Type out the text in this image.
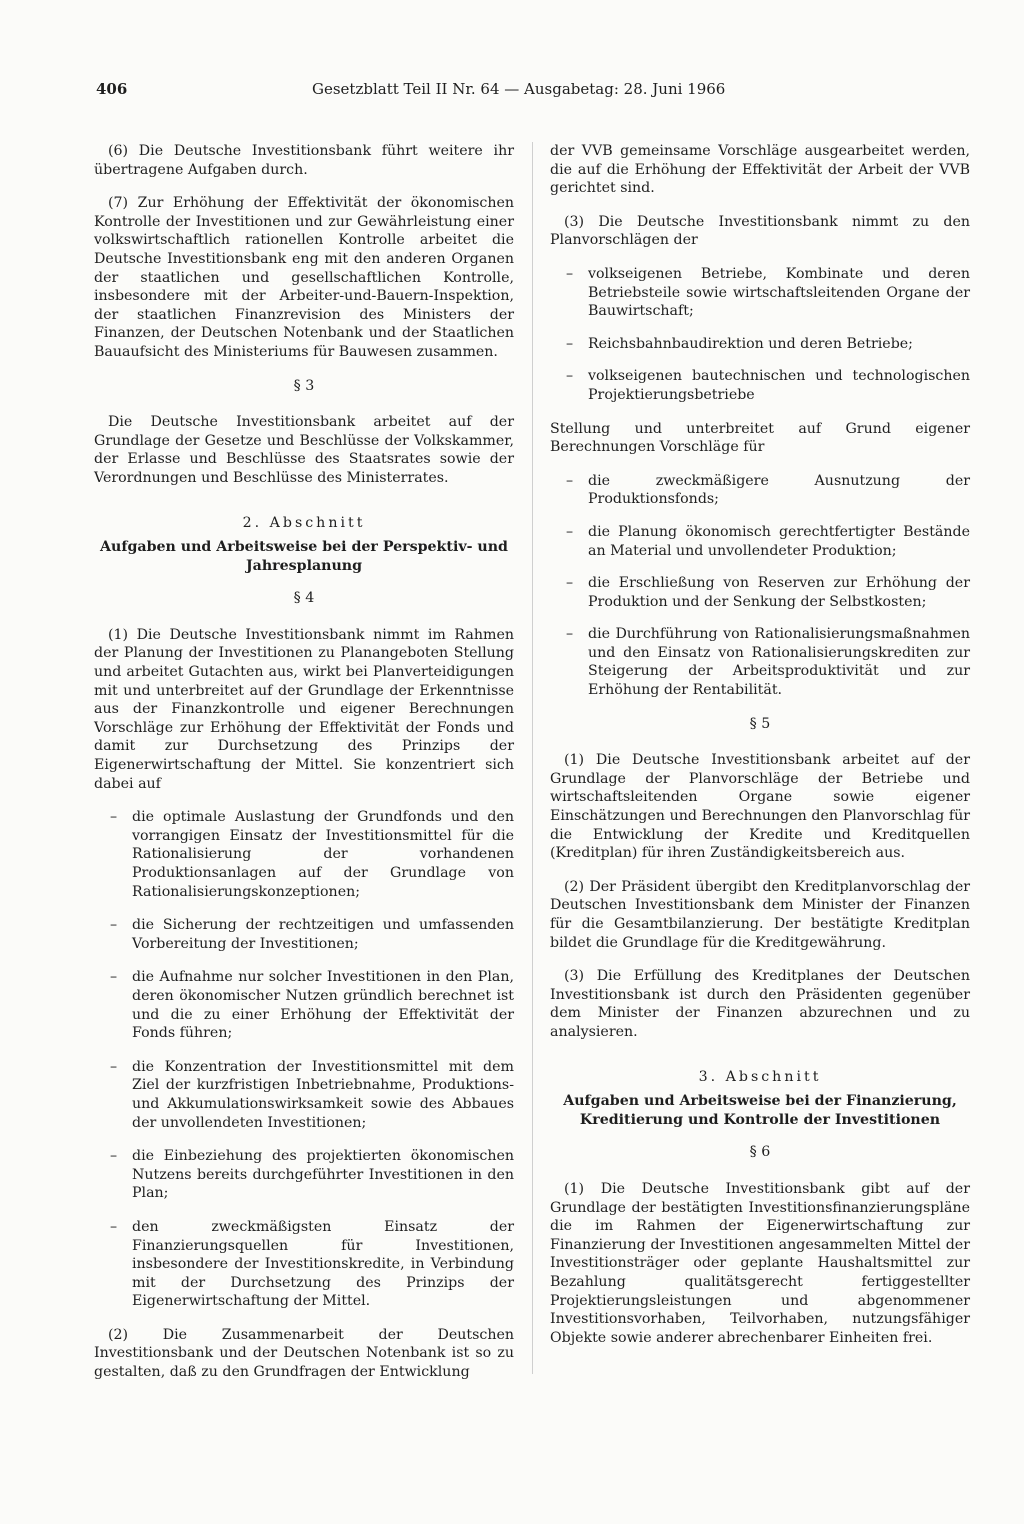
406	Gesetzblatt Teil II Nr. 64 — Ausgabetag: 28. Juni 1966

(6) Die Deutsche Investitionsbank führt weitere ihr übertragene Aufgaben durch.

(7) Zur Erhöhung der Effektivität der ökonomischen Kontrolle der Investitionen und zur Gewährleistung einer volkswirtschaftlich rationellen Kontrolle arbeitet die Deutsche Investitionsbank eng mit den anderen Organen der staatlichen und gesellschaftlichen Kontrolle, insbesondere mit der Arbeiter-und-Bauern-Inspektion, der staatlichen Finanzrevision des Ministers der Finanzen, der Deutschen Notenbank und der Staatlichen Bauaufsicht des Ministeriums für Bauwesen zusammen.

§ 3

Die Deutsche Investitionsbank arbeitet auf der Grundlage der Gesetze und Beschlüsse der Volkskammer, der Erlasse und Beschlüsse des Staatsrates sowie der Verordnungen und Beschlüsse des Ministerrates.

2. Abschnitt

Aufgaben und Arbeitsweise bei der Perspektiv- und Jahresplanung

§ 4

(1) Die Deutsche Investitionsbank nimmt im Rahmen der Planung der Investitionen zu Planangeboten Stellung und arbeitet Gutachten aus, wirkt bei Planverteidigungen mit und unterbreitet auf der Grundlage der Erkenntnisse aus der Finanzkontrolle und eigener Berechnungen Vorschläge zur Erhöhung der Effektivität der Fonds und damit zur Durchsetzung des Prinzips der Eigenerwirtschaftung der Mittel. Sie konzentriert sich dabei auf

– die optimale Auslastung der Grundfonds und den vorrangigen Einsatz der Investitionsmittel für die Rationalisierung der vorhandenen Produktionsanlagen auf der Grundlage von Rationalisierungskonzeptionen;
– die Sicherung der rechtzeitigen und umfassenden Vorbereitung der Investitionen;
– die Aufnahme nur solcher Investitionen in den Plan, deren ökonomischer Nutzen gründlich berechnet ist und die zu einer Erhöhung der Effektivität der Fonds führen;
– die Konzentration der Investitionsmittel mit dem Ziel der kurzfristigen Inbetriebnahme, Produktions- und Akkumulationswirksamkeit sowie des Abbaues der unvollendeten Investitionen;
– die Einbeziehung des projektierten ökonomischen Nutzens bereits durchgeführter Investitionen in den Plan;
– den zweckmäßigsten Einsatz der Finanzierungsquellen für Investitionen, insbesondere der Investitionskredite, in Verbindung mit der Durchsetzung des Prinzips der Eigenerwirtschaftung der Mittel.

(2) Die Zusammenarbeit der Deutschen Investitionsbank und der Deutschen Notenbank ist so zu gestalten, daß zu den Grundfragen der Entwicklung

der VVB gemeinsame Vorschläge ausgearbeitet werden, die auf die Erhöhung der Effektivität der Arbeit der VVB gerichtet sind.

(3) Die Deutsche Investitionsbank nimmt zu den Planvorschlägen der

– volkseigenen Betriebe, Kombinate und deren Betriebsteile sowie wirtschaftsleitenden Organe der Bauwirtschaft;
– Reichsbahnbaudirektion und deren Betriebe;
– volkseigenen bautechnischen und technologischen Projektierungsbetriebe

Stellung und unterbreitet auf Grund eigener Berechnungen Vorschläge für

– die zweckmäßigere Ausnutzung der Produktionsfonds;
– die Planung ökonomisch gerechtfertigter Bestände an Material und unvollendeter Produktion;
– die Erschließung von Reserven zur Erhöhung der Produktion und der Senkung der Selbstkosten;
– die Durchführung von Rationalisierungsmaßnahmen und den Einsatz von Rationalisierungskrediten zur Steigerung der Arbeitsproduktivität und zur Erhöhung der Rentabilität.

§ 5

(1) Die Deutsche Investitionsbank arbeitet auf der Grundlage der Planvorschläge der Betriebe und wirtschaftsleitenden Organe sowie eigener Einschätzungen und Berechnungen den Planvorschlag für die Entwicklung der Kredite und Kreditquellen (Kreditplan) für ihren Zuständigkeitsbereich aus.

(2) Der Präsident übergibt den Kreditplanvorschlag der Deutschen Investitionsbank dem Minister der Finanzen für die Gesamtbilanzierung. Der bestätigte Kreditplan bildet die Grundlage für die Kreditgewährung.

(3) Die Erfüllung des Kreditplanes der Deutschen Investitionsbank ist durch den Präsidenten gegenüber dem Minister der Finanzen abzurechnen und zu analysieren.

3. Abschnitt

Aufgaben und Arbeitsweise bei der Finanzierung, Kreditierung und Kontrolle der Investitionen

§ 6

(1) Die Deutsche Investitionsbank gibt auf der Grundlage der bestätigten Investitionsfinanzierungspläne die im Rahmen der Eigenerwirtschaftung zur Finanzierung der Investitionen angesammelten Mittel der Investitionsträger oder geplante Haushaltsmittel zur Bezahlung qualitätsgerecht fertiggestellter Projektierungsleistungen und abgenommener Investitionsvorhaben, Teilvorhaben, nutzungsfähiger Objekte sowie anderer abrechenbarer Einheiten frei.
